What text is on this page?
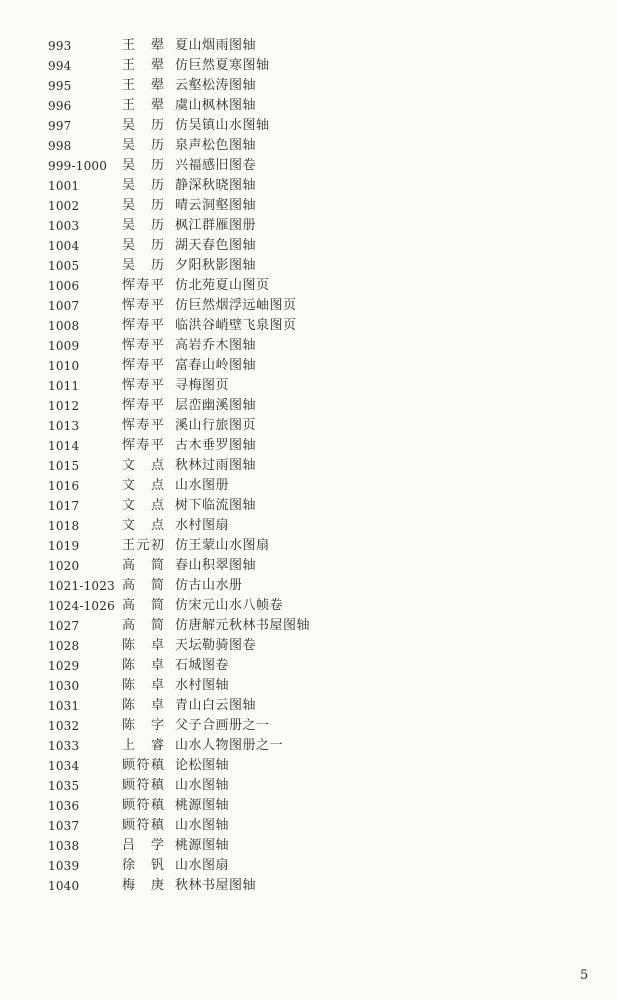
993	王　翚 夏山烟雨图轴
994	王　翚 仿巨然夏寒图轴
995	王　翚 云壑松涛图轴
996	王　翚 虞山枫林图轴
997	吴　历 仿吴镇山水图轴
998	吴　历 泉声松色图轴
999-1000 吴　历 兴福感旧图卷
1001	吴　历 静深秋晓图轴
1002	吴　历 晴云洞壑图轴
1003	吴　历 枫江群雁图册
1004	吴　历 湖天春色图轴
1005	吴　历 夕阳秋影图轴
1006	恽寿平 仿北苑夏山图页
1007	恽寿平 仿巨然烟浮远岫图页
1008	恽寿平 临洪谷峭壁飞泉图页
1009	恽寿平 高岩乔木图轴
1010	恽寿平 富春山岭图轴
1011	恽寿平 寻梅图页
1012	恽寿平 层峦幽溪图轴
1013	恽寿平 溪山行旅图页
1014	恽寿平 古木垂罗图轴
1015	文　点 秋林过雨图轴
1016	文　点 山水图册
1017	文　点 树下临流图轴
1018	文　点 水村图扇
1019	王元初 仿王蒙山水图扇
1020	高　简 春山积翠图轴
1021-1023 高　简 仿古山水册
1024-1026 高　简 仿宋元山水八帧卷
1027	高　简 仿唐解元秋林书屋图轴
1028	陈　卓 天坛勒骑图卷
1029	陈　卓 石城图卷
1030	陈　卓 水村图轴
1031	陈　卓 青山白云图轴
1032	陈　字 父子合画册之一
1033	上　睿 山水人物图册之一
1034	顾符稹 论松图轴
1035	顾符稹 山水图轴
1036	顾符稹 桃源图轴
1037	顾符稹 山水图轴
1038	吕　学 桃源图轴
1039	徐　钒 山水图扇
1040	梅　庚 秋林书屋图轴
5
